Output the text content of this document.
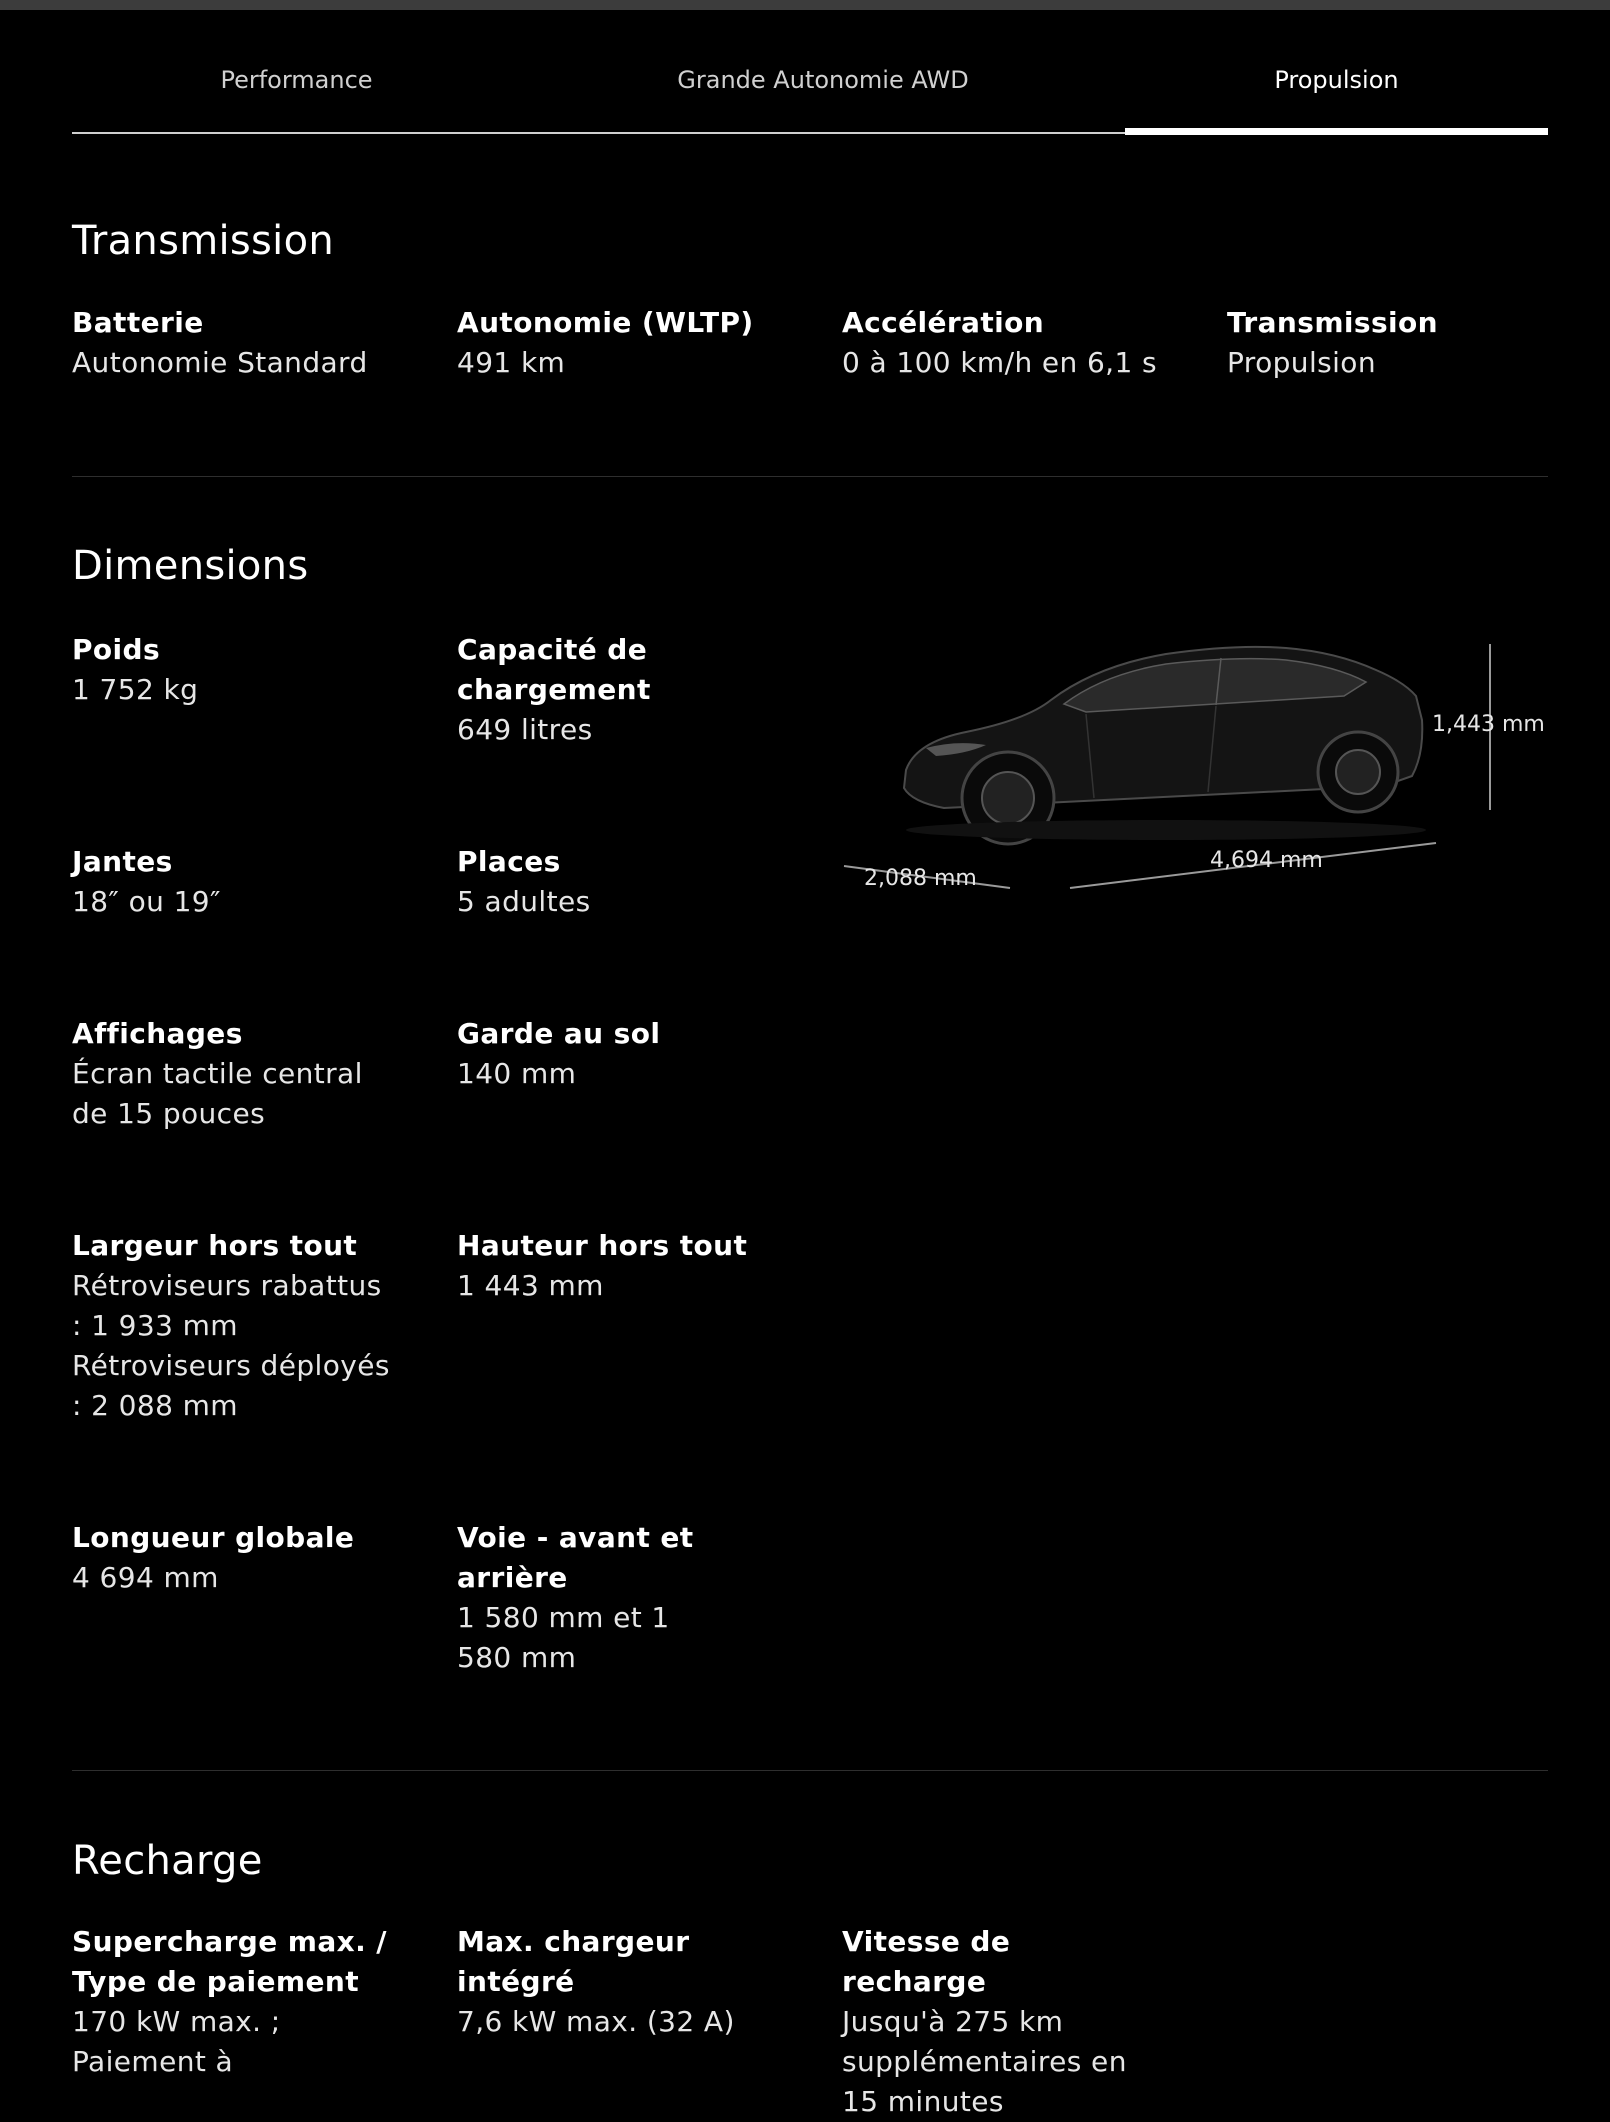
Performance	Grande Autonomie AWD	Propulsion
Transmission
Batterie
Autonomie Standard
Autonomie (WLTP)
491 km
Accélération
0 à 100 km/h en 6,1 s
Transmission
Propulsion
Dimensions
Poids
1 752 kg
Capacité de chargement
649 litres
Jantes
18″ ou 19″
Places
5 adultes
Affichages
Écran tactile central de 15 pouces
Garde au sol
140 mm
Largeur hors tout
Rétroviseurs rabattus : 1 933 mm Rétroviseurs déployés : 2 088 mm
Hauteur hors tout
1 443 mm
Longueur globale
4 694 mm
Voie - avant et arrière
1 580 mm et 1 580 mm
1,443 mm
4,694 mm
2,088 mm
Recharge
Supercharge max. / Type de paiement
170 kW max. ; Paiement à
Max. chargeur intégré
7,6 kW max. (32 A)
Vitesse de recharge
Jusqu'à 275 km supplémentaires en 15 minutes
